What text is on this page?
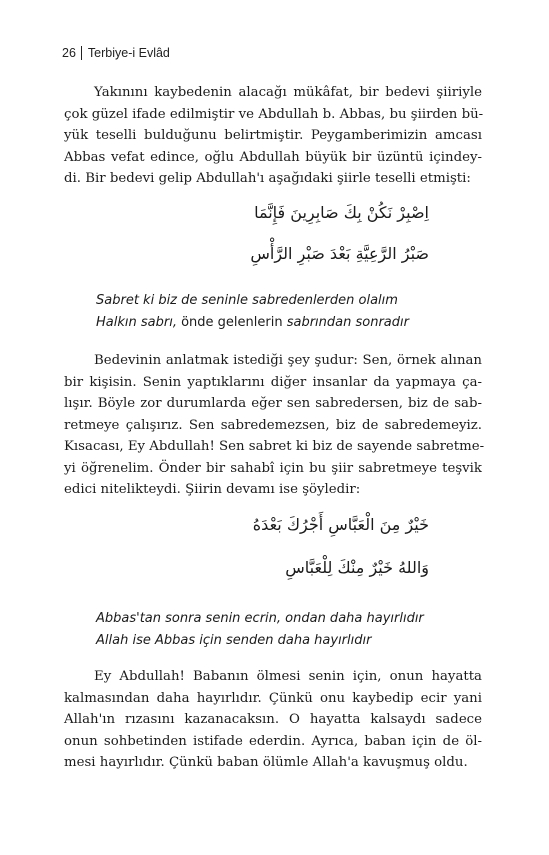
26 Terbiye-i Evlâd

Yakınını kaybedenin alacağı mükâfat, bir bedevi şiiriyle
çok güzel ifade edilmiştir ve Abdullah b. Abbas, bu şiirden bü-
yük teselli bulduğunu belirtmiştir. Peygamberimizin amcası
Abbas vefat edince, oğlu Abdullah büyük bir üzüntü içindey-
di. Bir bedevi gelip Abdullah'ı aşağıdaki şiirle teselli etmişti:

اِصْبِرْ نَكُنْ بِكَ صَابِرِينَ فَإِنَّمَا
صَبْرُ الرَّعِيَّةِ بَعْدَ صَبْرِ الرَّأْسِ
Sabret ki biz de seninle sabredenlerden olalım
Halkın sabrı, önde gelenlerin sabrından sonradır

Bedevinin anlatmak istediği şey şudur: Sen, örnek alınan
bir kişisin. Senin yaptıklarını diğer insanlar da yapmaya ça-
lışır. Böyle zor durumlarda eğer sen sabredersen, biz de sab-
retmeye çalışırız. Sen sabredemezsen, biz de sabredemeyiz.
Kısacası, Ey Abdullah! Sen sabret ki biz de sayende sabretme-
yi öğrenelim. Önder bir sahabî için bu şiir sabretmeye teşvik
edici nitelikteydi. Şiirin devamı ise şöyledir:

خَيْرٌ مِنَ الْعَبَّاسِ أَجْرُكَ بَعْدَهُ
وَاللهُ خَيْرٌ مِنْكَ لِلْعَبَّاسِ
Abbas'tan sonra senin ecrin, ondan daha hayırlıdır
Allah ise Abbas için senden daha hayırlıdır

Ey Abdullah! Babanın ölmesi senin için, onun hayatta
kalmasından daha hayırlıdır. Çünkü onu kaybedip ecir yani
Allah'ın rızasını kazanacaksın. O hayatta kalsaydı sadece
onun sohbetinden istifade ederdin. Ayrıca, baban için de öl-
mesi hayırlıdır. Çünkü baban ölümle Allah'a kavuşmuş oldu.
